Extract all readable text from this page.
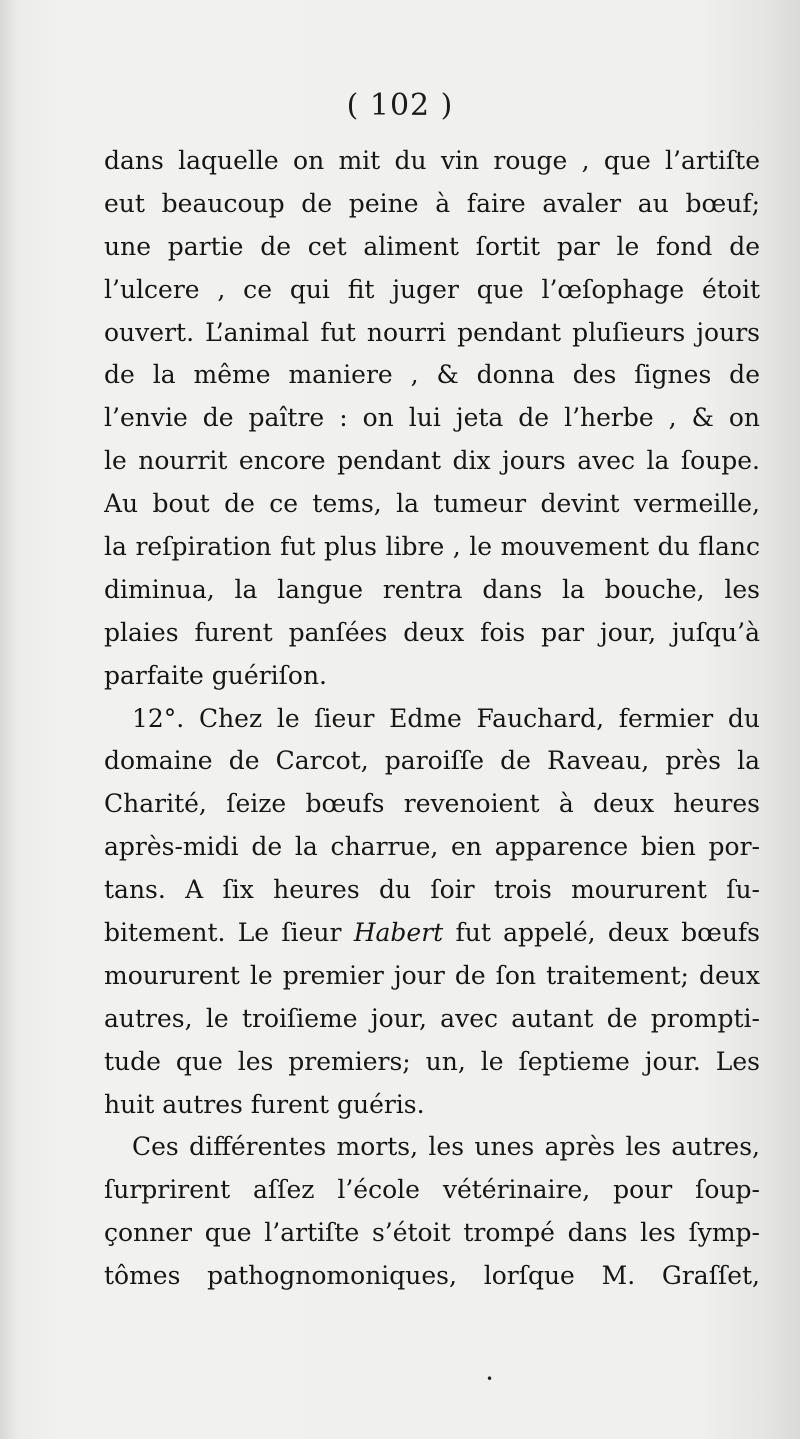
( 102 )
dans laquelle on mit du vin rouge , que l’artiſte
eut beaucoup de peine à faire avaler au bœuf;
une partie de cet aliment ſortit par le fond de
l’ulcere , ce qui fit juger que l’œſophage étoit
ouvert. L’animal fut nourri pendant pluſieurs jours
de la même maniere , & donna des ſignes de
l’envie de paître : on lui jeta de l’herbe , & on
le nourrit encore pendant dix jours avec la ſoupe.
Au bout de ce tems, la tumeur devint vermeille,
la reſpiration fut plus libre , le mouvement du flanc
diminua, la langue rentra dans la bouche, les
plaies furent panſées deux fois par jour, juſqu’à
parfaite guériſon.
12°. Chez le ſieur Edme Fauchard, fermier du
domaine de Carcot, paroiſſe de Raveau, près la
Charité, ſeize bœufs revenoient à deux heures
après-midi de la charrue, en apparence bien por-
tans. A ſix heures du ſoir trois moururent ſu-
bitement. Le ſieur Habert fut appelé, deux bœufs
moururent le premier jour de ſon traitement; deux
autres, le troiſieme jour, avec autant de prompti-
tude que les premiers; un, le ſeptieme jour. Les
huit autres furent guéris.
Ces différentes morts, les unes après les autres,
ſurprirent aſſez l’école vétérinaire, pour ſoup-
çonner que l’artiſte s’étoit trompé dans les ſymp-
tômes pathognomoniques, lorſque M. Graſſet,
•
